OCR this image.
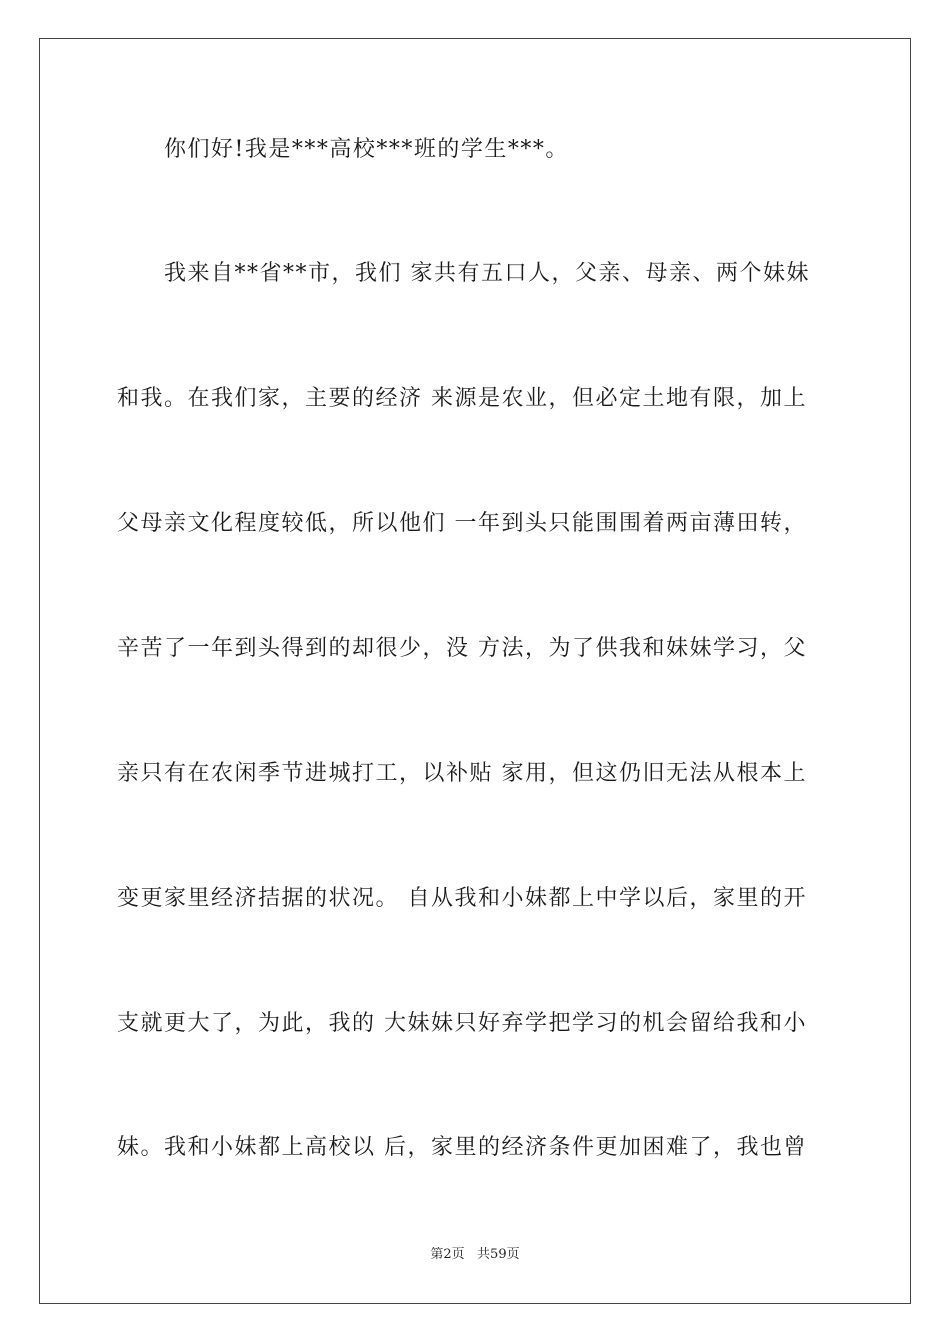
你们好!我是***高校***班的学生***。
我来自**省**市，我们 家共有五口人，父亲、母亲、两个妹妹
和我。在我们家，主要的经济 来源是农业，但必定土地有限，加上
父母亲文化程度较低，所以他们 一年到头只能围围着两亩薄田转，
辛苦了一年到头得到的却很少，没 方法，为了供我和妹妹学习，父
亲只有在农闲季节进城打工，以补贴 家用，但这仍旧无法从根本上
变更家里经济拮据的状况。 自从我和小妹都上中学以后，家里的开
支就更大了，为此，我的 大妹妹只好弃学把学习的机会留给我和小
妹。我和小妹都上高校以 后，家里的经济条件更加困难了，我也曾
第2页   共59页
